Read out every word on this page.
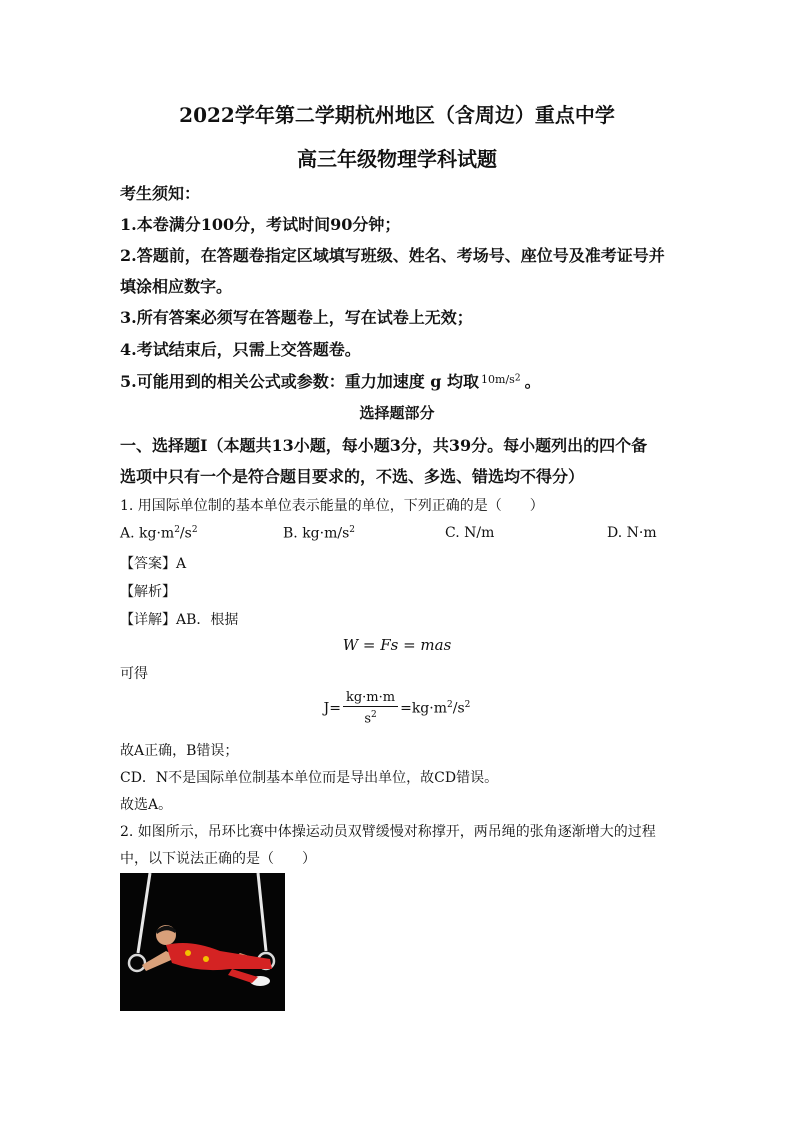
2022学年第二学期杭州地区（含周边）重点中学
高三年级物理学科试题
考生须知：
1.本卷满分100分，考试时间90分钟；
2.答题前，在答题卷指定区域填写班级、姓名、考场号、座位号及准考证号并
填涂相应数字。
3.所有答案必须写在答题卷上，写在试卷上无效；
4.考试结束后，只需上交答题卷。
5.可能用到的相关公式或参数：重力加速度 g 均取 $^{10m/s2}$ 。
选择题部分
一、选择题Ⅰ（本题共13小题，每小题3分，共39分。每小题列出的四个备
选项中只有一个是符合题目要求的，不选、多选、错选均不得分）
1. 用国际单位制的基本单位表示能量的单位，下列正确的是（　　）
A. $kg\cdot m^2/s^2$	B. $kg\cdot m/s^2$	C. N/m	D. N·m
【答案】A
【解析】
【详解】AB．根据
W = Fs = mas
可得
$J= \frac{kg\cdot m\cdot m}{s^2} =kg\cdot m^2/s^2$
故A正确，B错误；
CD．N不是国际单位制基本单位而是导出单位，故CD错误。
故选A。
2. 如图所示，吊环比赛中体操运动员双臂缓慢对称撑开，两吊绳的张角逐渐增大的过程
中，以下说法正确的是（　　）
